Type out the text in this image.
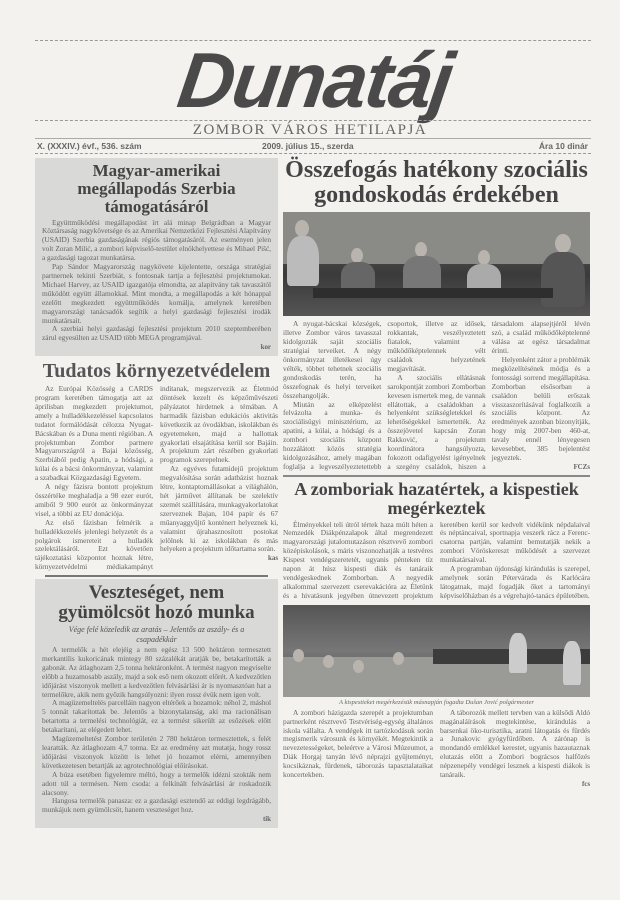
Dunatáj
ZOMBOR VÁROS HETILAPJA
X. (XXXIV.) évf., 536. szám	2009. július 15., szerda	Ára 10 dinár
Magyar-amerikai megállapodás Szerbia támogatásáról

Együttműködési megállapodást írt alá minap Belgrádban a Magyar Köztársaság nagykövetsége és az Amerikai Nemzetközi Fejlesztési Alapítvány (USAID) Szerbia gazdaságának régiós támogatásáról. Az eseményen jelen volt Zoran Milić, a zombori képviselő-testület elnökhelyettese és Mihael Pišć, a gazdasági tagozat munkatársa.

Pap Sándor Magyarország nagykövete kijelentette, országa stratégiai partnernek tekinti Szerbiát, s fontosnak tartja a fejlesztési projektumokat. Michael Harvey, az USAID igazgatója elmondta, az alapítvány tak tavaszától működött együtt államokkal. Mint mondta, a megállapodás a két hónappal ezelőtt megkezdett együttműködés kornálja, amelynek keretében magyarországi tanácsadók segítik a helyi gazdasági fejlesztési irodák munkatársait.

A szerbiai helyi gazdasági fejlesztési projektum 2010 szeptemberében zárul egyesülten az USAID több MEGA programjával.

kor
Tudatos környezetvédelem

Az Európai Közösség a CARDS program keretében támogatja azt az áprilisban megkezdett projektumot, amely a hulladékkezeléssel kapcsolatos tudatot formálódását célozza Nyugat-Bácskában és a Duna menti régióban. A projektumban Zombor partnere Magyarországról a Bajai közösség, Szerbiából pedig Apatin, a hódsági, a kúlai és a bácsi önkormányzat, valamint a szabadkai Közgazdasági Egyetem.

A négy fázisra bontott projektum összértéke meghaladja a 98 ezer eurót, amiből 9 900 eurót az önkormányzat visel, a többi az EU donációja.

Az első fázisban felmérik a hulladékkezelés jelenlegi helyzetét és a polgárok ismereteit a hulladék szelektálásáról. Ezt követően tájékoztatási központot hoznak létre, környezetvédelmi médiakampányt indítanak, megszervezik az Életmód döntések kezelt és képzőművészeti pályázatot hirdetnek a témában. A harmadik fázisban edukációs aktivitás következik az óvodákban, iskolákban és egyetemeken, majd a hallottak gyakorlati elsajátítása kerül sor Bajáin. A projektum zárt részében gyakorlati programok szerepelnek.

Az egyéves futamidejű projektum megvalósítása során adatbázist hoznak létre, kontaptomállásokat a világhálón, hét járművet állítanak be szelektív szemét szállítására, munkagyakorlatokat szerveznek Bajan, 104 papír és 67 műanyaggyűjtő konténert helyeznek ki, valamint újrahasznosított postokat jelölnek ki az iskolákban és más helyeken a projektum időtartama során.

kas
Veszteséget, nem gyümölcsöt hozó munka
Vége felé közeledik az aratás – Jelentős az aszály- és a csapadékkár

A termelők a hét elejéig a nem egész 13 500 hektáron termesztett merkantilis kukoricának mintegy 80 százalékát aratják be, betakarították a gabonát. Az átlaghozam 2,5 tonna hektáronként. A termést nagyon megviselte előbb a huzamosabb aszály, majd a sok eső nem okozott előrét. A kedvezőtlen időjárást viszonyok mellett a kedvezőtlen felvásárlási ár is nyomasztóan hat a termelőkre, akik nem győzik hangsúlyozni: ilyen rossz évük nem igen volt.

A magüzemeltelés parcelláin nagyon eltérőek a hozamok: néhol 2, máshol 5 tonnát takarítottak be. Jelentős a bizonytalanság, aki ma racionálisan betartotta a termelési technológiát, ez a termést sikerült az esőzések előtt betakarítani, az elégedett lehet.

Magüzemeltetést Zombor területén 2 780 hektáron termesztettek, s felét learatták. Az átlaghozam 4,7 tonna. Ez az eredmény azt mutatja, hogy rossz időjárási viszonyok között is lehet jó hozamot elérni, amennyiben következetesen betartják az agrotechnológiai előírásokat.

A búza esetében figyelemre méltó, hogy a termelők idézni szokták nem adott túl a termésen. Nem csoda: a felkínált felvásárlási ár roskadozik alacsony.

Hangosa termelők panasza: ez a gazdasági esztendő az eddigi legdrágább, munkájuk nem gyümölcsöt, hanem veszteséget hoz.

tik
Összefogás hatékony szociális gondoskodás érdekében

A nyugat-bácskai községek, illetve Zombor város tavasszal kidolgozták saját szociális stratégiai terveiket. A négy önkormányzat illetékesei úgy vélték, többet tehetnek szociális gondoskodás terén, ha összefognak és helyi terveiket összehangolják.

Miután az elképzelést felvázolta a munka- és szociálisügyi minisztérium, az apatini, a kúlai, a hódsági és a zombori szociális központ hozzálátott közös stratégia kidolgozásához, amely magában foglalja a legveszélyeztetettebb csoportok, illetve az idősek, rokkantak, veszélyeztetett fiatalok, valamint a működőképtelennek vélt családok helyzetének megjavítását.

A szociális ellátásnak sarokpontját zombori Zomborban kevesen ismertek meg, de vannak ellátottak, a családokban a helyenként szükségletekkel és lehetőségekkel ismertették. Az összejövetel kapcsán Zoran Rakković, a projektum koordinátora hangsúlyozta, fokozott odafigyelést igényelnek a szegény családok, hiszen a társadalom alapsejtjéről lévén szó, a család működőképtelenné válása az egész társadalmat érinti.

Helyenként zátor a problémák megközelítésének módja és a fontossági sorrend megállapítása. Zomborban elsősorban a családon belüli erőszak visszaszorításával foglalkozik a szociális központ. Az eredmények azonban bizonyítják, hogy míg 2007-ben 460-at, tavaly ennél lényegesen kevesebbet, 385 bejelentést jegyeztek.

FCZs
A zomboriak hazatértek, a kispestiek megérkeztek

Élményekkel teli útról tértek haza múlt héten a Nemzedék Diákpénzalapok által megrendezett magyarországi jutalomutazáson résztvevő zombori középiskolások, s máris viszonozhatják a testvéres Kispest vendégszeretetét, ugyanis pénteken tíz napon át húsz kispesti diák és tanáraik vendégeskednek Zomborban. A negyedik alkalommal szervezett cserevakációra az Életünk és a hivatásunk jegyében útnevezett projektum keretében kerül sor kedvelt vidékünk népdalaival és néptáncaival, sportnapja veszerk rácz a Ferenc-csatorna partján, valamint bemutatják nekik a zombori Vöröskereszt működését a szervezet munkatársaival.

A programban újdonsági kirándulás is szerepel, amelynek során Pétervárada és Karlócára látogatnak, majd fogadják őket a tartományi képviselőházban és a végrehajtó-tanács épületében.

A kispestieket megérkezésük másnapján fogadta Dušan Jović polgármester

A zombori házigazda szerepét a projektumban partnerként résztvevő Testvériség-egység általános iskola vállalta. A vendégek itt tartózkodásuk során megismerik városunk és környékét. Megtekintik a nevezetességeket, beleértve a Városi Múzeumot, a Diák Horgaj tanyán lévő néprajzi gyűjteményt, kocsikáznak, fürdenek, táborozás tapasztalataikat koncertekben.

A táborozók mellett tervben van a külsődi Aldó magánaláírások megtekintése, kirándulás a barsenkai öko-turisztika, aratni látogatás és fürdés a Junakovic gyógyfürdőben. A zárónap is mondandó emlékkel kerestet, ugyanis hazautaznak elutazás előtt a Zombori bográcsos halfőzés népzenepély vendégei lesznek a kispesti diákok is tanáraik.

fcs
